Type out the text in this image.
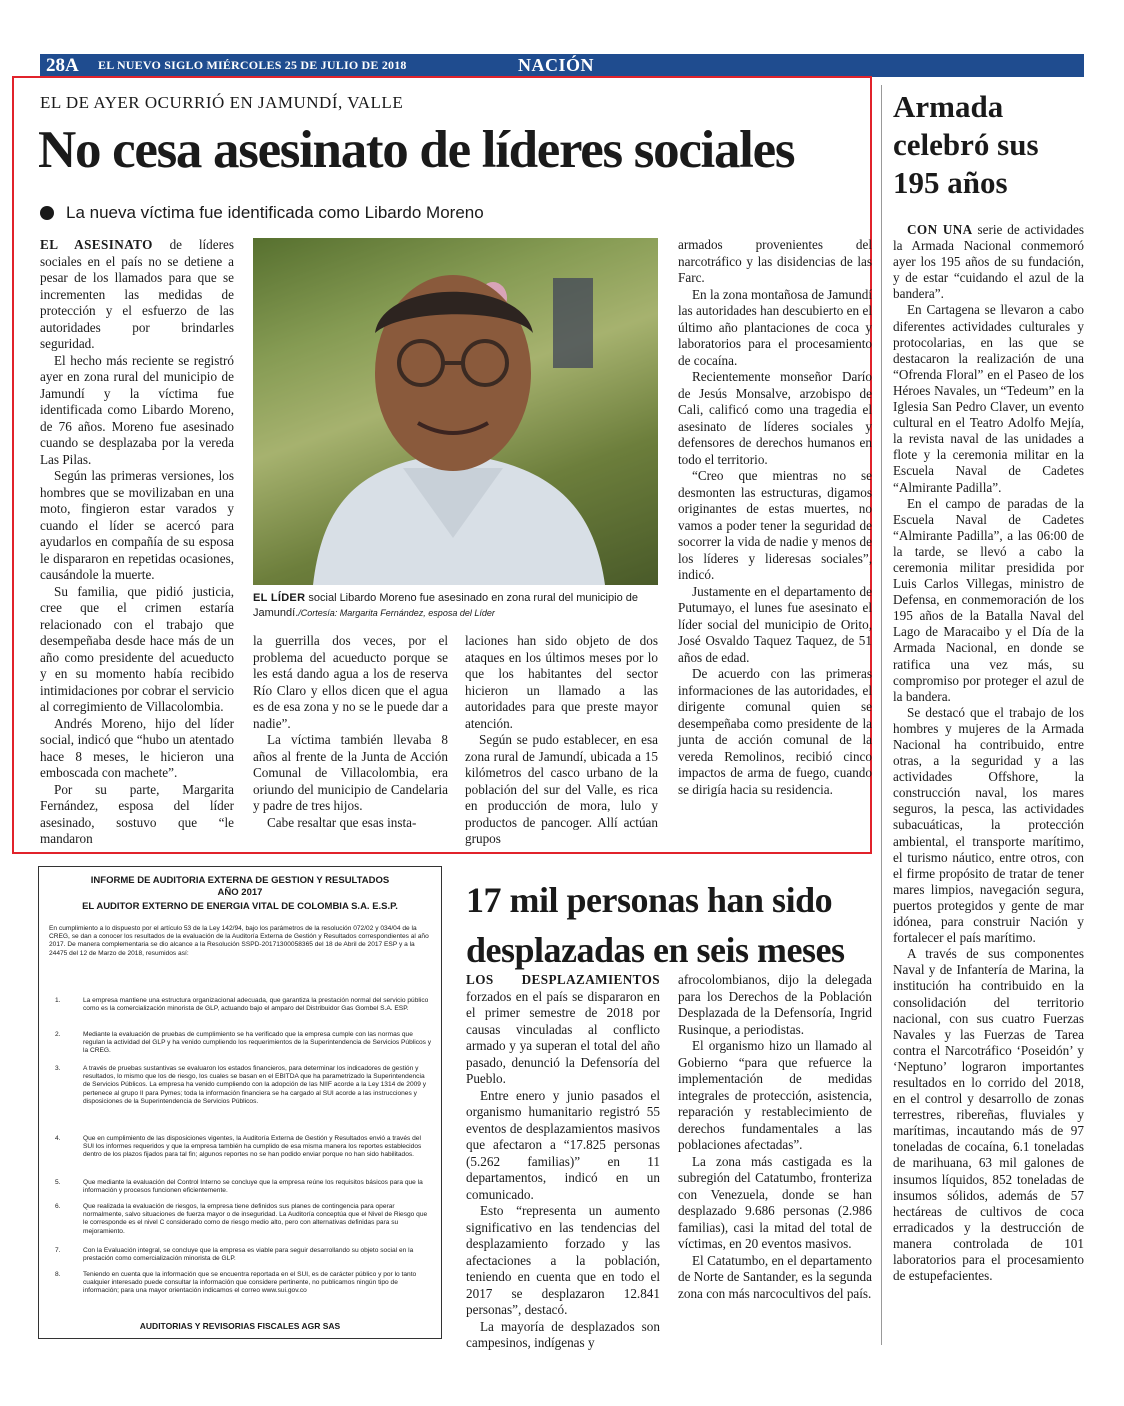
28A EL NUEVO SIGLO MIÉRCOLES 25 DE JULIO DE 2018	NACIÓN
EL DE AYER OCURRIÓ EN JAMUNDÍ, VALLE
No cesa asesinato de líderes sociales
La nueva víctima fue identificada como Libardo Moreno

EL ASESINATO de líderes sociales en el país no se detiene a pesar de los llamados para que se incrementen las medidas de protección y el esfuerzo de las autoridades por brindarles seguridad.

El hecho más reciente se registró ayer en zona rural del municipio de Jamundí y la víctima fue identificada como Libardo Moreno, de 76 años. Moreno fue asesinado cuando se desplazaba por la vereda Las Pilas.

Según las primeras versiones, los hombres que se movilizaban en una moto, fingieron estar varados y cuando el líder se acercó para ayudarlos en compañía de su esposa le dispararon en repetidas ocasiones, causándole la muerte.

Su familia, que pidió justicia, cree que el crimen estaría relacionado con el trabajo que desempeñaba desde hace más de un año como presidente del acueducto y en su momento había recibido intimidaciones por cobrar el servicio al corregimiento de Villacolombia.

Andrés Moreno, hijo del líder social, indicó que “hubo un atentado hace 8 meses, le hicieron una emboscada con machete”.

Por su parte, Margarita Fernández, esposa del líder asesinado, sostuvo que “le mandaron

EL LÍDER social Libardo Moreno fue asesinado en zona rural del municipio de Jamundí./Cortesía: Margarita Fernández, esposa del Líder

la guerrilla dos veces, por el problema del acueducto porque se les está dando agua a los de reserva Río Claro y ellos dicen que el agua es de esa zona y no se le puede dar a nadie”.

La víctima también llevaba 8 años al frente de la Junta de Acción Comunal de Villacolombia, era oriundo del municipio de Candelaria y padre de tres hijos.

Cabe resaltar que esas insta-

laciones han sido objeto de dos ataques en los últimos meses por lo que los habitantes del sector hicieron un llamado a las autoridades para que preste mayor atención.

Según se pudo establecer, en esa zona rural de Jamundí, ubicada a 15 kilómetros del casco urbano de la población del sur del Valle, es rica en producción de mora, lulo y productos de pancoger. Allí actúan grupos

armados provenientes del narcotráfico y las disidencias de las Farc.

En la zona montañosa de Jamundí las autoridades han descubierto en el último año plantaciones de coca y laboratorios para el procesamiento de cocaína.

Recientemente monseñor Darío de Jesús Monsalve, arzobispo de Cali, calificó como una tragedia el asesinato de líderes sociales y defensores de derechos humanos en todo el territorio.

“Creo que mientras no se desmonten las estructuras, digamos originantes de estas muertes, no vamos a poder tener la seguridad de socorrer la vida de nadie y menos de los líderes y lideresas sociales”, indicó.

Justamente en el departamento de Putumayo, el lunes fue asesinato el líder social del municipio de Orito, José Osvaldo Taquez Taquez, de 51 años de edad.

De acuerdo con las primeras informaciones de las autoridades, el dirigente comunal quien se desempeñaba como presidente de la junta de acción comunal de la vereda Remolinos, recibió cinco impactos de arma de fuego, cuando se dirigía hacia su residencia.

Armada celebró sus 195 años

CON UNA serie de actividades la Armada Nacional conmemoró ayer los 195 años de su fundación, y de estar “cuidando el azul de la bandera”.

En Cartagena se llevaron a cabo diferentes actividades culturales y protocolarias, en las que se destacaron la realización de una “Ofrenda Floral” en el Paseo de los Héroes Navales, un “Tedeum” en la Iglesia San Pedro Claver, un evento cultural en el Teatro Adolfo Mejía, la revista naval de las unidades a flote y la ceremonia militar en la Escuela Naval de Cadetes “Almirante Padilla”.

En el campo de paradas de la Escuela Naval de Cadetes “Almirante Padilla”, a las 06:00 de la tarde, se llevó a cabo la ceremonia militar presidida por Luis Carlos Villegas, ministro de Defensa, en conmemoración de los 195 años de la Batalla Naval del Lago de Maracaibo y el Día de la Armada Nacional, en donde se ratifica una vez más, su compromiso por proteger el azul de la bandera.

Se destacó que el trabajo de los hombres y mujeres de la Armada Nacional ha contribuido, entre otras, a la seguridad y a las actividades Offshore, la construcción naval, los mares seguros, la pesca, las actividades subacuáticas, la protección ambiental, el transporte marítimo, el turismo náutico, entre otros, con el firme propósito de tratar de tener mares limpios, navegación segura, puertos protegidos y gente de mar idónea, para construir Nación y fortalecer el país marítimo.

A través de sus componentes Naval y de Infantería de Marina, la institución ha contribuido en la consolidación del territorio nacional, con sus cuatro Fuerzas Navales y las Fuerzas de Tarea contra el Narcotráfico ‘Poseidón’ y ‘Neptuno’ lograron importantes resultados en lo corrido del 2018, en el control y desarrollo de zonas terrestres, ribereñas, fluviales y marítimas, incautando más de 97 toneladas de cocaína, 6.1 toneladas de marihuana, 63 mil galones de insumos líquidos, 852 toneladas de insumos sólidos, además de 57 hectáreas de cultivos de coca erradicados y la destrucción de manera controlada de 101 laboratorios para el procesamiento de estupefacientes.

INFORME DE AUDITORIA EXTERNA DE GESTION Y RESULTADOS
AÑO 2017
EL AUDITOR EXTERNO DE ENERGIA VITAL DE COLOMBIA S.A. E.S.P.
En cumplimiento a lo dispuesto por el artículo 53 de la Ley 142/94, bajo los parámetros de la resolución 072/02 y 034/04 de la CREG, se dan a conocer los resultados de la evaluación de la Auditoría Externa de Gestión y Resultados correspondientes al año 2017. De manera complementaria se dio alcance a la Resolución SSPD-20171300058365 del 18 de Abril de 2017 ESP y a la 24475 del 12 de Marzo de 2018, resumidos así:
1.	La empresa mantiene una estructura organizacional adecuada, que garantiza la prestación normal del servicio público como es la comercialización minorista de GLP, actuando bajo el amparo del Distribuidor Gas Gombel S.A. ESP.
2.	Mediante la evaluación de pruebas de cumplimiento se ha verificado que la empresa cumple con las normas que regulan la actividad del GLP y ha venido cumpliendo los requerimientos de la Superintendencia de Servicios Públicos y la CREG.
3.	A través de pruebas sustantivas se evaluaron los estados financieros, para determinar los indicadores de gestión y resultados, lo mismo que los de riesgo, los cuales se basan en el EBITDA que ha parametrizado la Superintendencia de Servicios Públicos. La empresa ha venido cumpliendo con la adopción de las NIIF acorde a la Ley 1314 de 2009 y pertenece al grupo II para Pymes; toda la información financiera se ha cargado al SUI acorde a las instrucciones y disposiciones de la Superintendencia de Servicios Públicos.
4.	Que en cumplimiento de las disposiciones vigentes, la Auditoría Externa de Gestión y Resultados envió a través del SUI los informes requeridos y que la empresa también ha cumplido de esa misma manera los reportes establecidos dentro de los plazos fijados para tal fin; algunos reportes no se han podido enviar porque no han sido habilitados.
5.	Que mediante la evaluación del Control Interno se concluye que la empresa reúne los requisitos básicos para que la información y procesos funcionen eficientemente.
6.	Que realizada la evaluación de riesgos, la empresa tiene definidos sus planes de contingencia para operar normalmente, salvo situaciones de fuerza mayor o de inseguridad. La Auditoría conceptúa que el Nivel de Riesgo que le corresponde es el nivel C considerado como de riesgo medio alto, pero con alternativas definidas para su mejoramiento.
7.	Con la Evaluación integral, se concluye que la empresa es viable para seguir desarrollando su objeto social en la prestación como comercialización minorista de GLP.
8.	Teniendo en cuenta que la información que se encuentra reportada en el SUI, es de carácter público y por lo tanto cualquier interesado puede consultar la información que considere pertinente, no publicamos ningún tipo de información; para una mayor orientación indicamos el correo www.sui.gov.co
AUDITORIAS Y REVISORIAS FISCALES AGR SAS
17 mil personas han sido desplazadas en seis meses

LOS DESPLAZAMIENTOS forzados en el país se dispararon en el primer semestre de 2018 por causas vinculadas al conflicto armado y ya superan el total del año pasado, denunció la Defensoría del Pueblo.

Entre enero y junio pasados el organismo humanitario registró 55 eventos de desplazamientos masivos que afectaron a “17.825 personas (5.262 familias)” en 11 departamentos, indicó en un comunicado.

Esto “representa un aumento significativo en las tendencias del desplazamiento forzado y las afectaciones a la población, teniendo en cuenta que en todo el 2017 se desplazaron 12.841 personas”, destacó.

La mayoría de desplazados son campesinos, indígenas y

afrocolombianos, dijo la delegada para los Derechos de la Población Desplazada de la Defensoría, Ingrid Rusinque, a periodistas.

El organismo hizo un llamado al Gobierno “para que refuerce la implementación de medidas integrales de protección, asistencia, reparación y restablecimiento de derechos fundamentales a las poblaciones afectadas”.

La zona más castigada es la subregión del Catatumbo, fronteriza con Venezuela, donde se han desplazado 9.686 personas (2.986 familias), casi la mitad del total de víctimas, en 20 eventos masivos.

El Catatumbo, en el departamento de Norte de Santander, es la segunda zona con más narcocultivos del país.
